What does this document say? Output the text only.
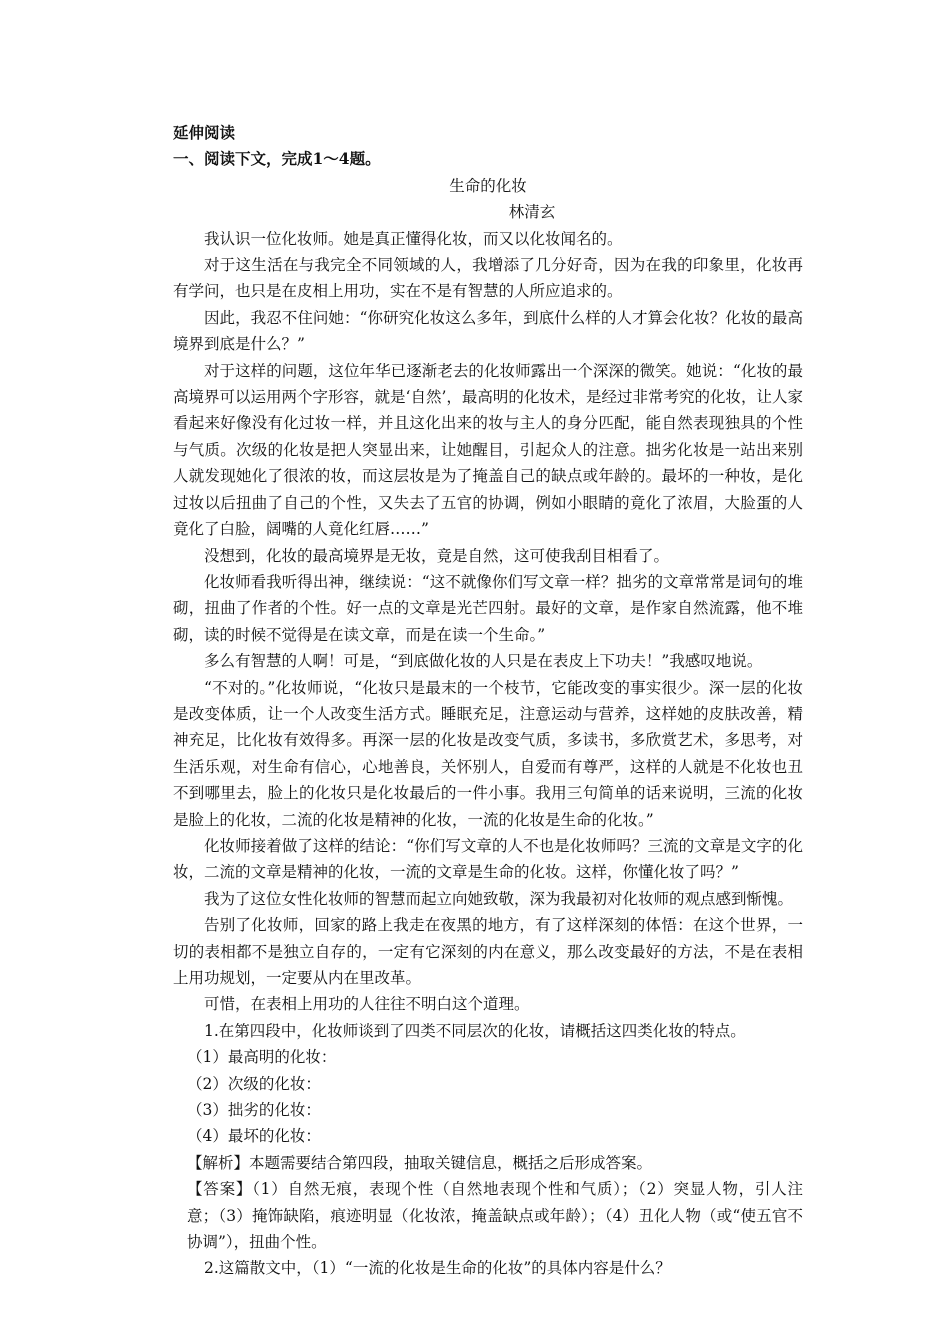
延伸阅读

一、阅读下文，完成1～4题。

生命的化妆

林清玄

我认识一位化妆师。她是真正懂得化妆，而又以化妆闻名的。

对于这生活在与我完全不同领域的人，我增添了几分好奇，因为在我的印象里，化妆再有学问，也只是在皮相上用功，实在不是有智慧的人所应追求的。

因此，我忍不住问她：“你研究化妆这么多年，到底什么样的人才算会化妆？化妆的最高境界到底是什么？”

对于这样的问题，这位年华已逐渐老去的化妆师露出一个深深的微笑。她说：“化妆的最高境界可以运用两个字形容，就是‘自然’，最高明的化妆术，是经过非常考究的化妆，让人家看起来好像没有化过妆一样，并且这化出来的妆与主人的身分匹配，能自然表现独具的个性与气质。次级的化妆是把人突显出来，让她醒目，引起众人的注意。拙劣化妆是一站出来别人就发现她化了很浓的妆，而这层妆是为了掩盖自己的缺点或年龄的。最坏的一种妆，是化过妆以后扭曲了自己的个性，又失去了五官的协调，例如小眼睛的竟化了浓眉，大脸蛋的人竟化了白脸，阔嘴的人竟化红唇……”

没想到，化妆的最高境界是无妆，竟是自然，这可使我刮目相看了。

化妆师看我听得出神，继续说：“这不就像你们写文章一样？拙劣的文章常常是词句的堆砌，扭曲了作者的个性。好一点的文章是光芒四射。最好的文章，是作家自然流露，他不堆砌，读的时候不觉得是在读文章，而是在读一个生命。”

多么有智慧的人啊！可是，“到底做化妆的人只是在表皮上下功夫！”我感叹地说。

“不对的。”化妆师说，“化妆只是最末的一个枝节，它能改变的事实很少。深一层的化妆是改变体质，让一个人改变生活方式。睡眠充足，注意运动与营养，这样她的皮肤改善，精神充足，比化妆有效得多。再深一层的化妆是改变气质，多读书，多欣赏艺术，多思考，对生活乐观，对生命有信心，心地善良，关怀别人，自爱而有尊严，这样的人就是不化妆也丑不到哪里去，脸上的化妆只是化妆最后的一件小事。我用三句简单的话来说明，三流的化妆是脸上的化妆，二流的化妆是精神的化妆，一流的化妆是生命的化妆。”

化妆师接着做了这样的结论：“你们写文章的人不也是化妆师吗？三流的文章是文字的化妆，二流的文章是精神的化妆，一流的文章是生命的化妆。这样，你懂化妆了吗？”

我为了这位女性化妆师的智慧而起立向她致敬，深为我最初对化妆师的观点感到惭愧。

告别了化妆师，回家的路上我走在夜黑的地方，有了这样深刻的体悟：在这个世界，一切的表相都不是独立自存的，一定有它深刻的内在意义，那么改变最好的方法，不是在表相上用功规划，一定要从内在里改革。

可惜，在表相上用功的人往往不明白这个道理。

1.在第四段中，化妆师谈到了四类不同层次的化妆，请概括这四类化妆的特点。

（1）最高明的化妆：

（2）次级的化妆：

（3）拙劣的化妆：

（4）最坏的化妆：

【解析】本题需要结合第四段，抽取关键信息，概括之后形成答案。

【答案】（1）自然无痕，表现个性（自然地表现个性和气质）；（2）突显人物，引人注意；（3）掩饰缺陷，痕迹明显（化妆浓，掩盖缺点或年龄）；（4）丑化人物（或“使五官不协调”），扭曲个性。

2.这篇散文中，（1）“一流的化妆是生命的化妆”的具体内容是什么？
